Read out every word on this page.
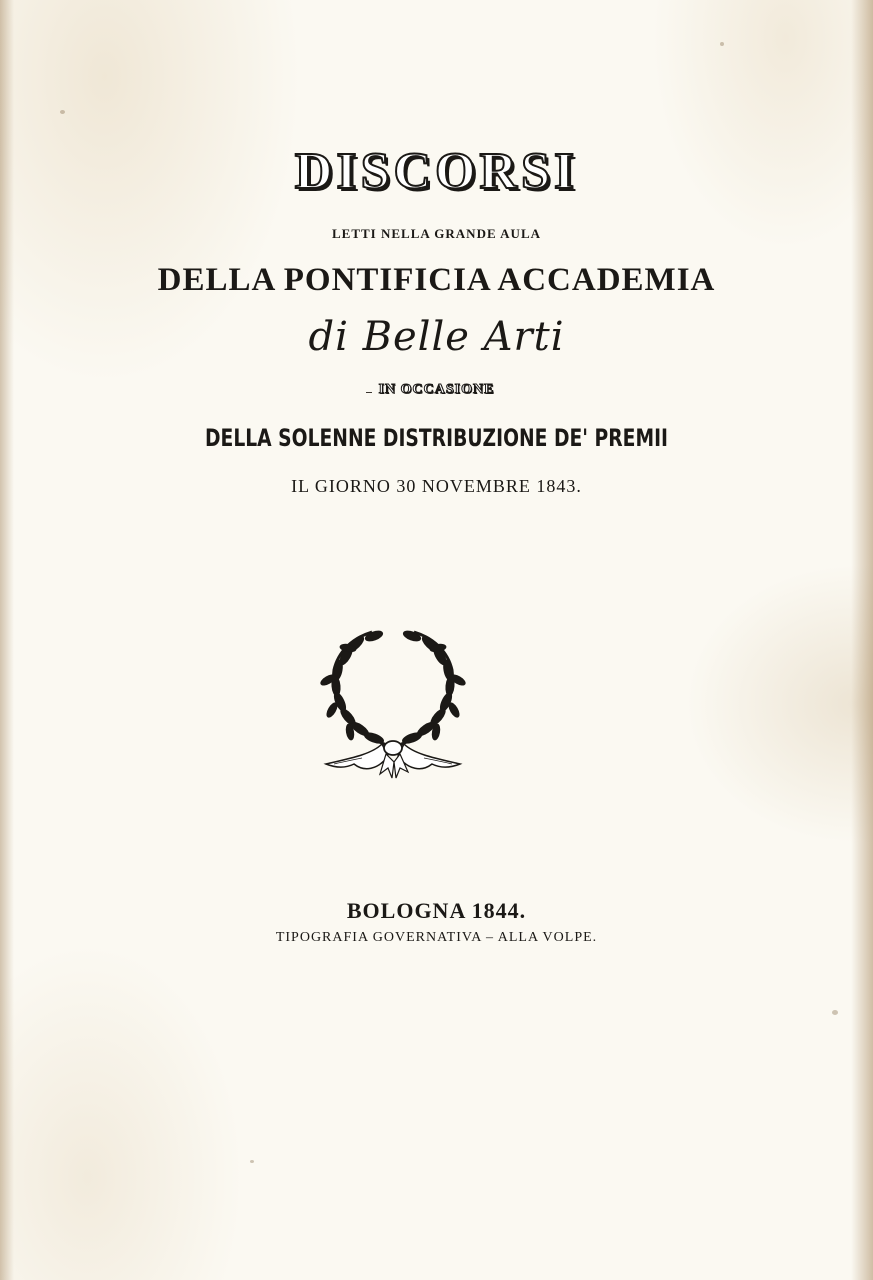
DISCORSI
LETTI NELLA GRANDE AULA
DELLA PONTIFICIA ACCADEMIA
di Belle Arti
IN OCCASIONE
DELLA SOLENNE DISTRIBUZIONE DE' PREMII
IL GIORNO 30 NOVEMBRE 1843.
BOLOGNA 1844.
TIPOGRAFIA GOVERNATIVA – ALLA VOLPE.
